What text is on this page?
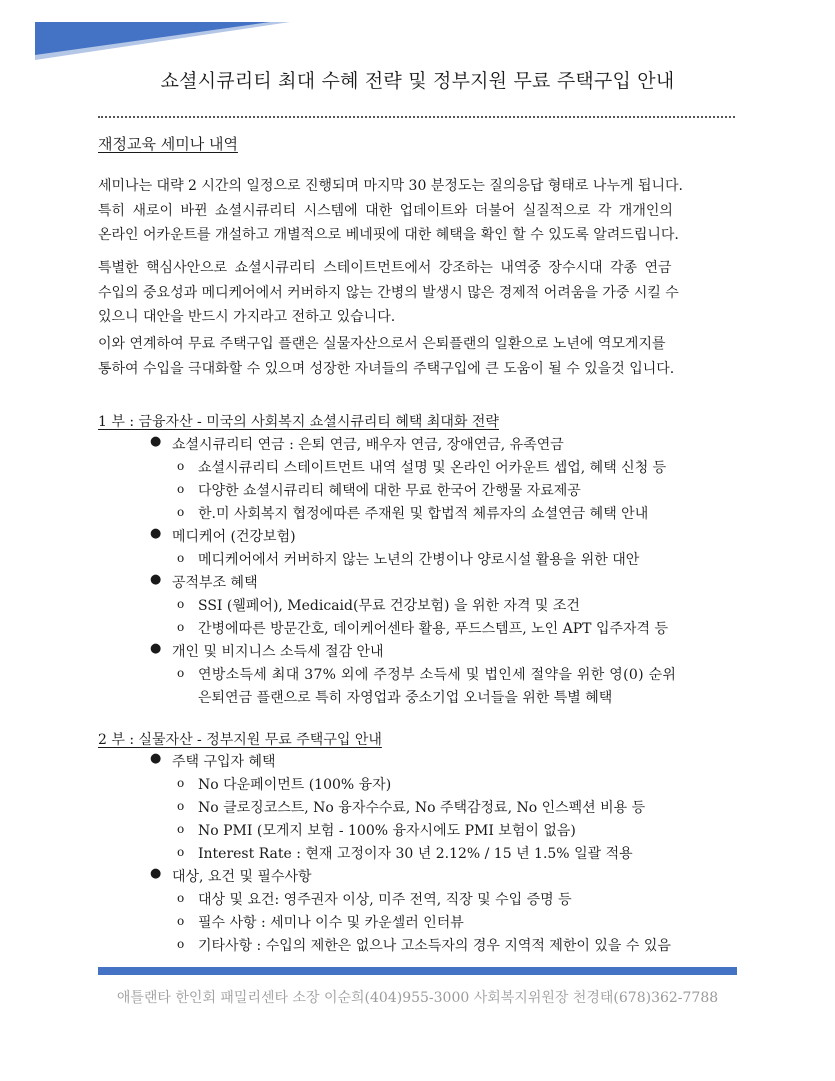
쇼셜시큐리티 최대 수혜 전략 및 정부지원 무료 주택구입 안내
재정교육 세미나 내역
세미나는 대략 2 시간의 일정으로 진행되며 마지막 30 분정도는 질의응답 형태로 나누게 됩니다.
특히 새로이 바뀐 쇼셜시큐리티 시스템에 대한 업데이트와 더불어 실질적으로 각 개개인의
온라인 어카운트를 개설하고 개별적으로 베네핏에 대한 혜택을 확인 할 수 있도록 알려드립니다.
특별한 핵심사안으로 쇼셜시큐리티 스테이트먼트에서 강조하는 내역중 장수시대 각종 연금
수입의 중요성과 메디케어에서 커버하지 않는 간병의 발생시 많은 경제적 어려움을 가중 시킬 수
있으니 대안을 반드시 가지라고 전하고 있습니다.
이와 연계하여 무료 주택구입 플랜은 실물자산으로서 은퇴플랜의 일환으로 노년에 역모게지를
통하여 수입을 극대화할 수 있으며 성장한 자녀들의 주택구입에 큰 도움이 될 수 있을것 입니다.
1 부 : 금융자산 - 미국의 사회복지 쇼셜시큐리티 혜택 최대화 전략
● 쇼셜시큐리티 연금 : 은퇴 연금, 배우자 연금, 장애연금, 유족연금
o 쇼셜시큐리티 스테이트먼트 내역 설명 및 온라인 어카운트 셉업, 혜택 신청 등
o 다양한 쇼셜시큐리티 혜택에 대한 무료 한국어 간행물 자료제공
o 한.미 사회복지 협정에따른 주재원 및 합법적 체류자의 쇼셜연금 혜택 안내
● 메디케어 (건강보험)
o 메디케어에서 커버하지 않는 노년의 간병이나 양로시설 활용을 위한 대안
● 공적부조 혜택
o SSI (웰페어), Medicaid(무료 건강보험) 을 위한 자격 및 조건
o 간병에따른 방문간호, 데이케어센타 활용, 푸드스템프, 노인 APT 입주자격 등
● 개인 및 비지니스 소득세 절감 안내
o 연방소득세 최대 37% 외에 주정부 소득세 및 법인세 절약을 위한 영(0) 순위
은퇴연금 플랜으로 특히 자영업과 중소기업 오너들을 위한 특별 혜택
2 부 : 실물자산 - 정부지원 무료 주택구입 안내
● 주택 구입자 혜택
o No 다운페이먼트 (100% 융자)
o No 클로징코스트, No 융자수수료, No 주택감정료, No 인스펙션 비용 등
o No PMI (모게지 보험 - 100% 융자시에도 PMI 보험이 없음)
o Interest Rate : 현재 고정이자 30 년 2.12% / 15 년 1.5% 일괄 적용
● 대상, 요건 및 필수사항
o 대상 및 요건: 영주권자 이상, 미주 전역, 직장 및 수입 증명 등
o 필수 사항 : 세미나 이수 및 카운셀러 인터뷰
o 기타사항 : 수입의 제한은 없으나 고소득자의 경우 지역적 제한이 있을 수 있음
애틀랜타 한인회 패밀리센타 소장 이순희(404)955-3000 사회복지위원장 천경태(678)362-7788
